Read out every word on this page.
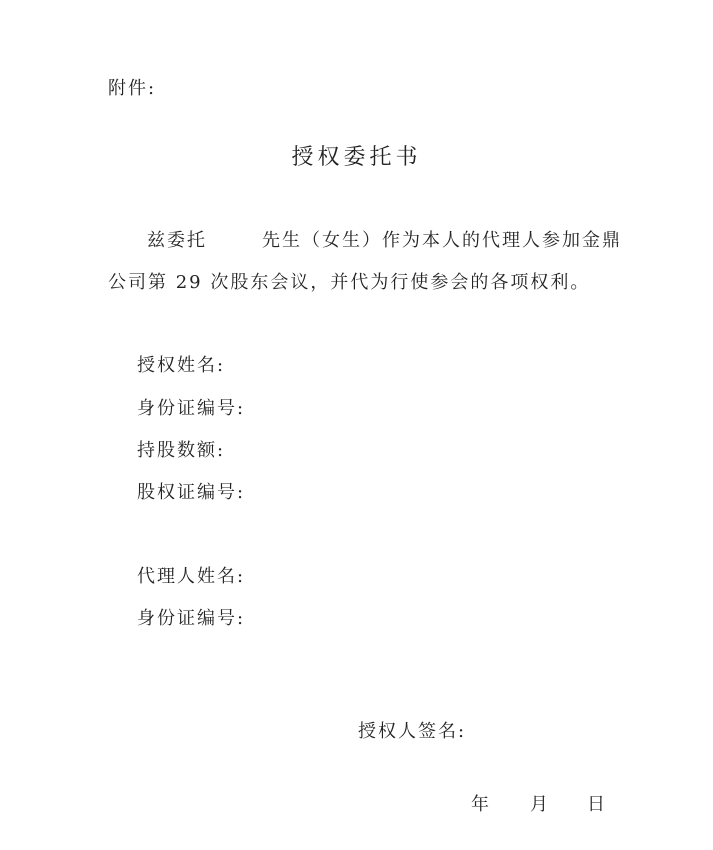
附件:
授权委托书
兹委托	先生（女生）作为本人的代理人参加金鼎
公司第 29 次股东会议，并代为行使参会的各项权利。
授权姓名:
身份证编号:
持股数额:
股权证编号:
代理人姓名:
身份证编号:
授权人签名:
年 月 日
